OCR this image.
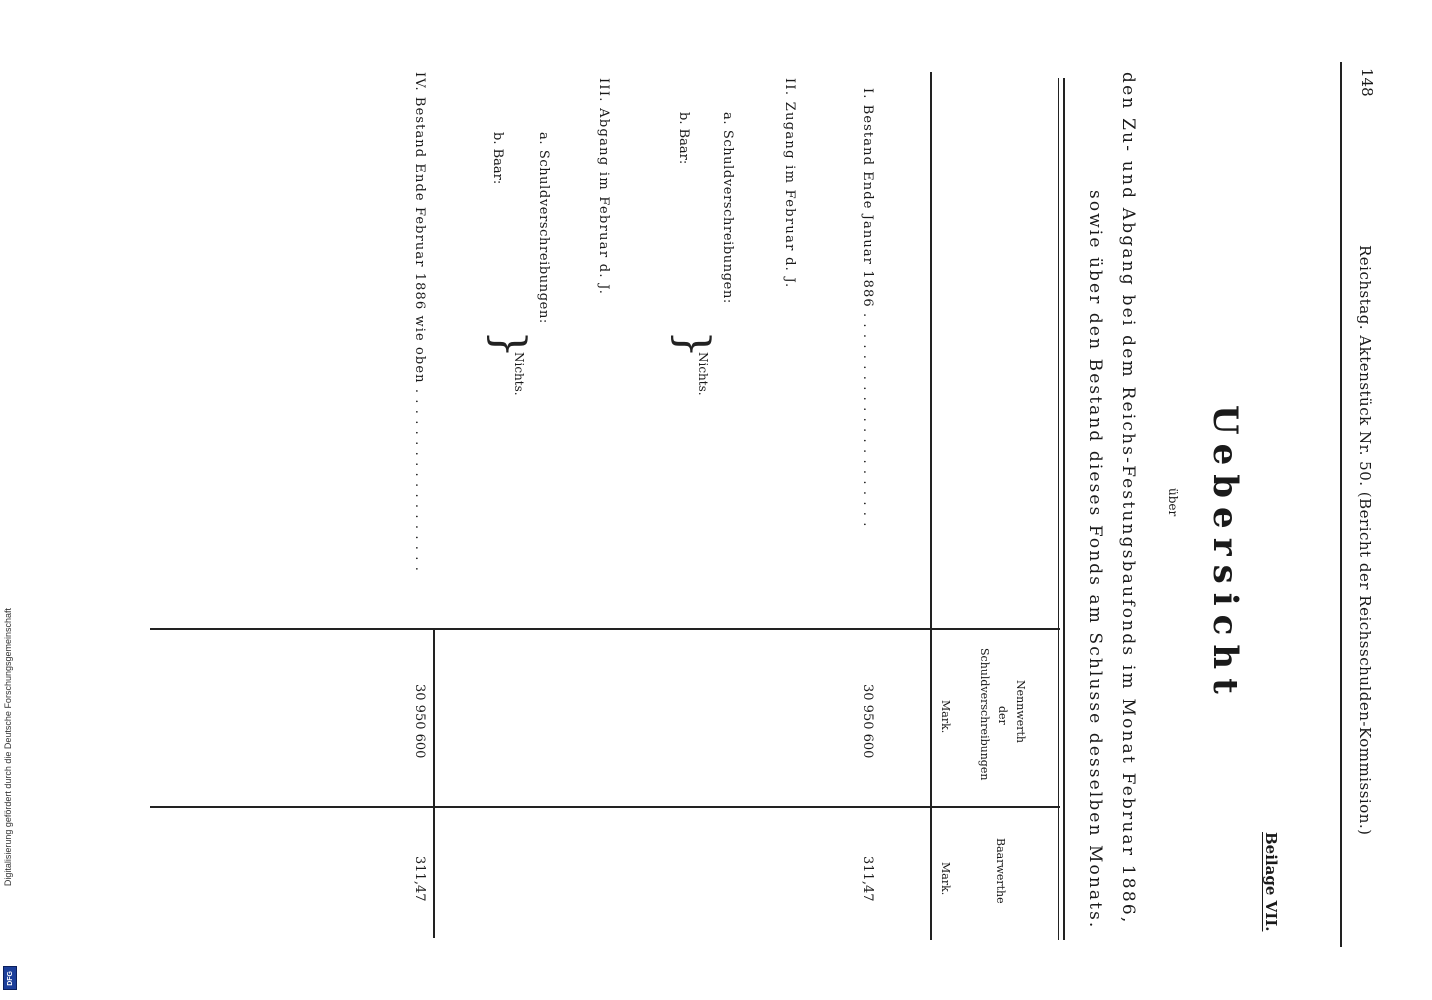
148
Reichstag. Aktenstück Nr. 50. (Bericht der Reichsschulden-Kommission.)
Beilage VII.
Uebersicht
über
den Zu- und Abgang bei dem Reichs-Festungsbaufonds im Monat Februar 1886,
sowie über den Bestand dieses Fonds am Schlusse desselben Monats.
Nennwerth
der
Schuldverschreibungen
Mark.
Baarwerthe
Mark.
I. Bestand Ende Januar 1886 . . . . . . . . . . . . . . . . . . . . .
30 950 600
311,47
II. Zugang im Februar d. J.
a. Schuldverschreibungen:
b. Baar:
}
Nichts.
III. Abgang im Februar d. J.
a. Schuldverschreibungen:
b. Baar:
}
Nichts.
IV. Bestand Ende Februar 1886 wie oben . . . . . . . . . . . . . . . . . .
30 950 600
311,47
Digitalisierung gefördert durch die Deutsche Forschungsgemeinschaft
DFG
